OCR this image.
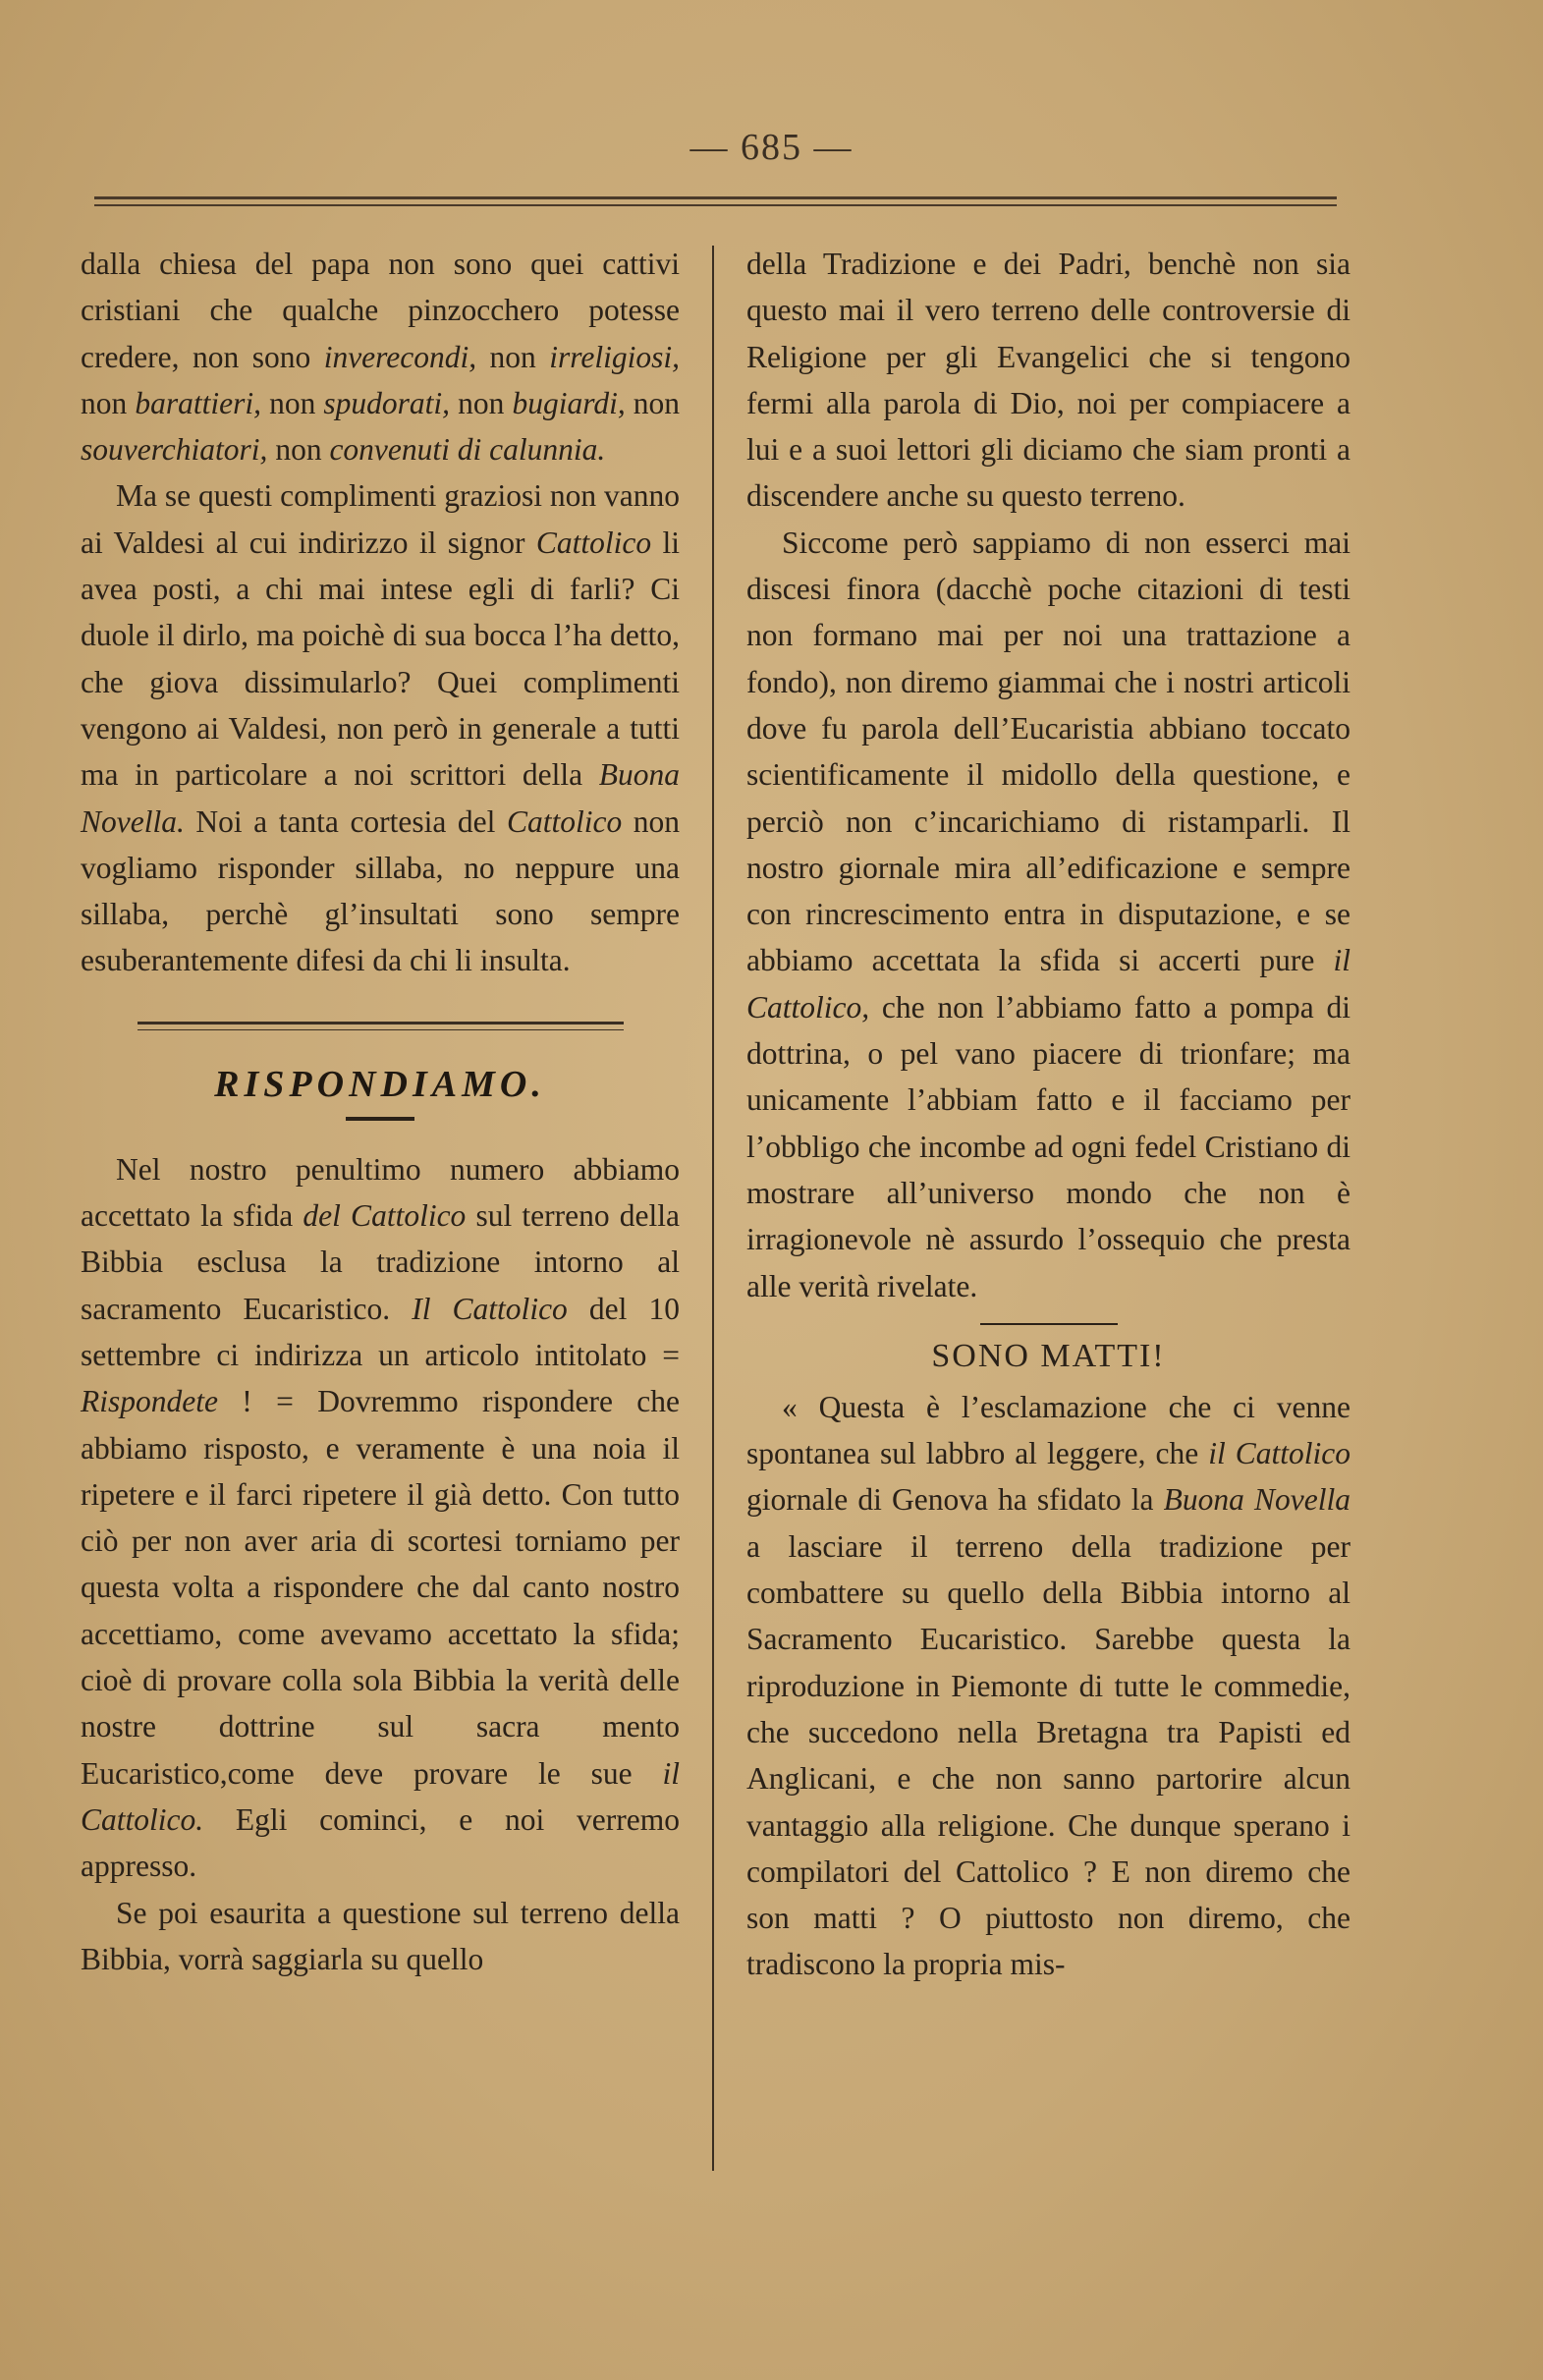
— 685 —

dalla chiesa del papa non sono quei cattivi cristiani che qualche pinzocchero potesse credere, non sono inverecondi, non irreligiosi, non barattieri, non spudorati, non bugiardi, non souverchiatori, non convenuti di calunnia.

Ma se questi complimenti graziosi non vanno ai Valdesi al cui indirizzo il signor Cattolico li avea posti, a chi mai intese egli di farli? Ci duole il dirlo, ma poichè di sua bocca l’ha detto, che giova dissimularlo? Quei complimenti vengono ai Valdesi, non però in generale a tutti ma in particolare a noi scrittori della Buona Novella. Noi a tanta cortesia del Cattolico non vogliamo risponder sillaba, no neppure una sillaba, perchè gl’insultati sono sempre esuberantemente difesi da chi li insulta.

RISPONDIAMO.

Nel nostro penultimo numero abbiamo accettato la sfida del Cattolico sul terreno della Bibbia esclusa la tradizione intorno al sacramento Eucaristico. Il Cattolico del 10 settembre ci indirizza un articolo intitolato = Rispondete ! = Dovremmo rispondere che abbiamo risposto, e veramente è una noia il ripetere e il farci ripetere il già detto. Con tutto ciò per non aver aria di scortesi torniamo per questa volta a rispondere che dal canto nostro accettiamo, come avevamo accettato la sfida; cioè di provare colla sola Bibbia la verità delle nostre dottrine sul sacra mento Eucaristico,come deve provare le sue il Cattolico. Egli cominci, e noi verremo appresso.

Se poi esaurita a questione sul terreno della Bibbia, vorrà saggiarla su quello

della Tradizione e dei Padri, benchè non sia questo mai il vero terreno delle controversie di Religione per gli Evangelici che si tengono fermi alla parola di Dio, noi per compiacere a lui e a suoi lettori gli diciamo che siam pronti a discendere anche su questo terreno.

Siccome però sappiamo di non esserci mai discesi finora (dacchè poche citazioni di testi non formano mai per noi una trattazione a fondo), non diremo giammai che i nostri articoli dove fu parola dell’Eucaristia abbiano toccato scientificamente il midollo della questione, e perciò non c’incarichiamo di ristamparli. Il nostro giornale mira all’edificazione e sempre con rincrescimento entra in disputazione, e se abbiamo accettata la sfida si accerti pure il Cattolico, che non l’abbiamo fatto a pompa di dottrina, o pel vano piacere di trionfare; ma unicamente l’abbiam fatto e il facciamo per l’obbligo che incombe ad ogni fedel Cristiano di mostrare all’universo mondo che non è irragionevole nè assurdo l’ossequio che presta alle verità rivelate.

SONO MATTI!

« Questa è l’esclamazione che ci venne spontanea sul labbro al leggere, che il Cattolico giornale di Genova ha sfidato la Buona Novella a lasciare il terreno della tradizione per combattere su quello della Bibbia intorno al Sacramento Eucaristico. Sarebbe questa la riproduzione in Piemonte di tutte le commedie, che succedono nella Bretagna tra Papisti ed Anglicani, e che non sanno partorire alcun vantaggio alla religione. Che dunque sperano i compilatori del Cattolico ? E non diremo che son matti ? O piuttosto non diremo, che tradiscono la propria mis-
